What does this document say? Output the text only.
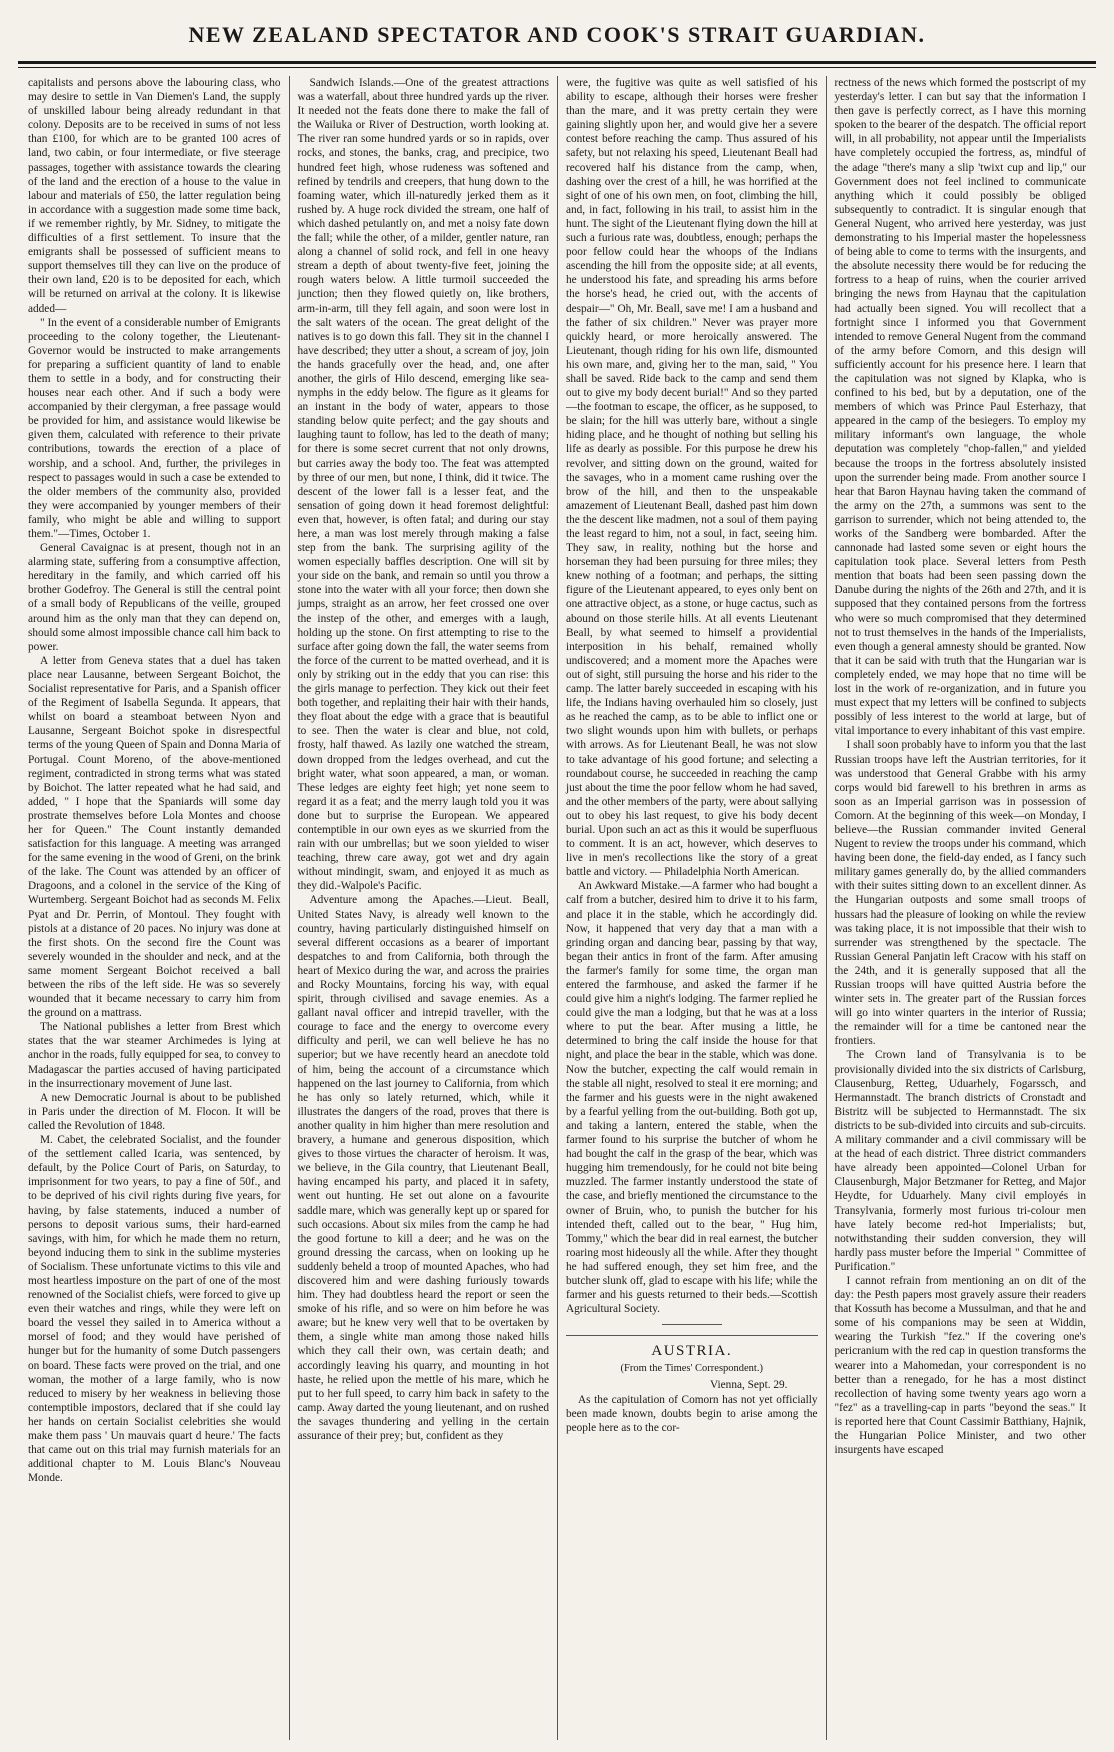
NEW ZEALAND SPECTATOR AND COOK'S STRAIT GUARDIAN.

capitalists and persons above the labouring class, who may desire to settle in Van Diemen's Land, the supply of unskilled labour being already redundant in that colony. Deposits are to be received in sums of not less than £100, for which are to be granted 100 acres of land, two cabin, or four intermediate, or five steerage passages, together with assistance towards the clearing of the land and the erection of a house to the value in labour and materials of £50, the latter regulation being in accordance with a suggestion made some time back, if we remember rightly, by Mr. Sidney, to mitigate the difficulties of a first settlement. To insure that the emigrants shall be possessed of sufficient means to support themselves till they can live on the produce of their own land, £20 is to be deposited for each, which will be returned on arrival at the colony. It is likewise added—

" In the event of a considerable number of Emigrants proceeding to the colony together, the Lieutenant-Governor would be instructed to make arrangements for preparing a sufficient quantity of land to enable them to settle in a body, and for constructing their houses near each other. And if such a body were accompanied by their clergyman, a free passage would be provided for him, and assistance would likewise be given them, calculated with reference to their private contributions, towards the erection of a place of worship, and a school. And, further, the privileges in respect to passages would in such a case be extended to the older members of the community also, provided they were accompanied by younger members of their family, who might be able and willing to support them."—Times, October 1.

General Cavaignac is at present, though not in an alarming state, suffering from a consumptive affection, hereditary in the family, and which carried off his brother Godefroy. The General is still the central point of a small body of Republicans of the veille, grouped around him as the only man that they can depend on, should some almost impossible chance call him back to power.

A letter from Geneva states that a duel has taken place near Lausanne, between Sergeant Boichot, the Socialist representative for Paris, and a Spanish officer of the Regiment of Isabella Segunda. It appears, that whilst on board a steamboat between Nyon and Lausanne, Sergeant Boichot spoke in disrespectful terms of the young Queen of Spain and Donna Maria of Portugal. Count Moreno, of the above-mentioned regiment, contradicted in strong terms what was stated by Boichot. The latter repeated what he had said, and added, " I hope that the Spaniards will some day prostrate themselves before Lola Montes and choose her for Queen." The Count instantly demanded satisfaction for this language. A meeting was arranged for the same evening in the wood of Greni, on the brink of the lake. The Count was attended by an officer of Dragoons, and a colonel in the service of the King of Wurtemberg. Sergeant Boichot had as seconds M. Felix Pyat and Dr. Perrin, of Montoul. They fought with pistols at a distance of 20 paces. No injury was done at the first shots. On the second fire the Count was severely wounded in the shoulder and neck, and at the same moment Sergeant Boichot received a ball between the ribs of the left side. He was so severely wounded that it became necessary to carry him from the ground on a mattrass.

The National publishes a letter from Brest which states that the war steamer Archimedes is lying at anchor in the roads, fully equipped for sea, to convey to Madagascar the parties accused of having participated in the insurrectionary movement of June last.

A new Democratic Journal is about to be published in Paris under the direction of M. Flocon. It will be called the Revolution of 1848.

M. Cabet, the celebrated Socialist, and the founder of the settlement called Icaria, was sentenced, by default, by the Police Court of Paris, on Saturday, to imprisonment for two years, to pay a fine of 50f., and to be deprived of his civil rights during five years, for having, by false statements, induced a number of persons to deposit various sums, their hard-earned savings, with him, for which he made them no return, beyond inducing them to sink in the sublime mysteries of Socialism. These unfortunate victims to this vile and most heartless imposture on the part of one of the most renowned of the Socialist chiefs, were forced to give up even their watches and rings, while they were left on board the vessel they sailed in to America without a morsel of food; and they would have perished of hunger but for the humanity of some Dutch passengers on board. These facts were proved on the trial, and one woman, the mother of a large family, who is now reduced to misery by her weakness in believing those contemptible impostors, declared that if she could lay her hands on certain Socialist celebrities she would make them pass ' Un mauvais quart d heure.' The facts that came out on this trial may furnish materials for an additional chapter to M. Louis Blanc's Nouveau Monde.

Sandwich Islands.—One of the greatest attractions was a waterfall, about three hundred yards up the river. It needed not the feats done there to make the fall of the Wailuka or River of Destruction, worth looking at. The river ran some hundred yards or so in rapids, over rocks, and stones, the banks, crag, and precipice, two hundred feet high, whose rudeness was softened and refined by tendrils and creepers, that hung down to the foaming water, which ill-naturedly jerked them as it rushed by. A huge rock divided the stream, one half of which dashed petulantly on, and met a noisy fate down the fall; while the other, of a milder, gentler nature, ran along a channel of solid rock, and fell in one heavy stream a depth of about twenty-five feet, joining the rough waters below. A little turmoil succeeded the junction; then they flowed quietly on, like brothers, arm-in-arm, till they fell again, and soon were lost in the salt waters of the ocean. The great delight of the natives is to go down this fall. They sit in the channel I have described; they utter a shout, a scream of joy, join the hands gracefully over the head, and, one after another, the girls of Hilo descend, emerging like sea-nymphs in the eddy below. The figure as it gleams for an instant in the body of water, appears to those standing below quite perfect; and the gay shouts and laughing taunt to follow, has led to the death of many; for there is some secret current that not only drowns, but carries away the body too. The feat was attempted by three of our men, but none, I think, did it twice. The descent of the lower fall is a lesser feat, and the sensation of going down it head foremost delightful: even that, however, is often fatal; and during our stay here, a man was lost merely through making a false step from the bank. The surprising agility of the women especially baffles description. One will sit by your side on the bank, and remain so until you throw a stone into the water with all your force; then down she jumps, straight as an arrow, her feet crossed one over the instep of the other, and emerges with a laugh, holding up the stone. On first attempting to rise to the surface after going down the fall, the water seems from the force of the current to be matted overhead, and it is only by striking out in the eddy that you can rise: this the girls manage to perfection. They kick out their feet both together, and replaiting their hair with their hands, they float about the edge with a grace that is beautiful to see. Then the water is clear and blue, not cold, frosty, half thawed. As lazily one watched the stream, down dropped from the ledges overhead, and cut the bright water, what soon appeared, a man, or woman. These ledges are eighty feet high; yet none seem to regard it as a feat; and the merry laugh told you it was done but to surprise the European. We appeared contemptible in our own eyes as we skurried from the rain with our umbrellas; but we soon yielded to wiser teaching, threw care away, got wet and dry again without mindingit, swam, and enjoyed it as much as they did.-Walpole's Pacific.

Adventure among the Apaches.—Lieut. Beall, United States Navy, is already well known to the country, having particularly distinguished himself on several different occasions as a bearer of important despatches to and from California, both through the heart of Mexico during the war, and across the prairies and Rocky Mountains, forcing his way, with equal spirit, through civilised and savage enemies. As a gallant naval officer and intrepid traveller, with the courage to face and the energy to overcome every difficulty and peril, we can well believe he has no superior; but we have recently heard an anecdote told of him, being the account of a circumstance which happened on the last journey to California, from which he has only so lately returned, which, while it illustrates the dangers of the road, proves that there is another quality in him higher than mere resolution and bravery, a humane and generous disposition, which gives to those virtues the character of heroism. It was, we believe, in the Gila country, that Lieutenant Beall, having encamped his party, and placed it in safety, went out hunting. He set out alone on a favourite saddle mare, which was generally kept up or spared for such occasions. About six miles from the camp he had the good fortune to kill a deer; and he was on the ground dressing the carcass, when on looking up he suddenly beheld a troop of mounted Apaches, who had discovered him and were dashing furiously towards him. They had doubtless heard the report or seen the smoke of his rifle, and so were on him before he was aware; but he knew very well that to be overtaken by them, a single white man among those naked hills which they call their own, was certain death; and accordingly leaving his quarry, and mounting in hot haste, he relied upon the mettle of his mare, which he put to her full speed, to carry him back in safety to the camp. Away darted the young lieutenant, and on rushed the savages thundering and yelling in the certain assurance of their prey; but, confident as they

were, the fugitive was quite as well satisfied of his ability to escape, although their horses were fresher than the mare, and it was pretty certain they were gaining slightly upon her, and would give her a severe contest before reaching the camp. Thus assured of his safety, but not relaxing his speed, Lieutenant Beall had recovered half his distance from the camp, when, dashing over the crest of a hill, he was horrified at the sight of one of his own men, on foot, climbing the hill, and, in fact, following in his trail, to assist him in the hunt. The sight of the Lieutenant flying down the hill at such a furious rate was, doubtless, enough; perhaps the poor fellow could hear the whoops of the Indians ascending the hill from the opposite side; at all events, he understood his fate, and spreading his arms before the horse's head, he cried out, with the accents of despair—" Oh, Mr. Beall, save me! I am a husband and the father of six children." Never was prayer more quickly heard, or more heroically answered. The Lieutenant, though riding for his own life, dismounted his own mare, and, giving her to the man, said, " You shall be saved. Ride back to the camp and send them out to give my body decent burial!" And so they parted—the footman to escape, the officer, as he supposed, to be slain; for the hill was utterly bare, without a single hiding place, and he thought of nothing but selling his life as dearly as possible. For this purpose he drew his revolver, and sitting down on the ground, waited for the savages, who in a moment came rushing over the brow of the hill, and then to the unspeakable amazement of Lieutenant Beall, dashed past him down the the descent like madmen, not a soul of them paying the least regard to him, not a soul, in fact, seeing him. They saw, in reality, nothing but the horse and horseman they had been pursuing for three miles; they knew nothing of a footman; and perhaps, the sitting figure of the Lieutenant appeared, to eyes only bent on one attractive object, as a stone, or huge cactus, such as abound on those sterile hills. At all events Lieutenant Beall, by what seemed to himself a providential interposition in his behalf, remained wholly undiscovered; and a moment more the Apaches were out of sight, still pursuing the horse and his rider to the camp. The latter barely succeeded in escaping with his life, the Indians having overhauled him so closely, just as he reached the camp, as to be able to inflict one or two slight wounds upon him with bullets, or perhaps with arrows. As for Lieutenant Beall, he was not slow to take advantage of his good fortune; and selecting a roundabout course, he succeeded in reaching the camp just about the time the poor fellow whom he had saved, and the other members of the party, were about sallying out to obey his last request, to give his body decent burial. Upon such an act as this it would be superfluous to comment. It is an act, however, which deserves to live in men's recollections like the story of a great battle and victory. — Philadelphia North American.

An Awkward Mistake.—A farmer who had bought a calf from a butcher, desired him to drive it to his farm, and place it in the stable, which he accordingly did. Now, it happened that very day that a man with a grinding organ and dancing bear, passing by that way, began their antics in front of the farm. After amusing the farmer's family for some time, the organ man entered the farmhouse, and asked the farmer if he could give him a night's lodging. The farmer replied he could give the man a lodging, but that he was at a loss where to put the bear. After musing a little, he determined to bring the calf inside the house for that night, and place the bear in the stable, which was done. Now the butcher, expecting the calf would remain in the stable all night, resolved to steal it ere morning; and the farmer and his guests were in the night awakened by a fearful yelling from the out-building. Both got up, and taking a lantern, entered the stable, when the farmer found to his surprise the butcher of whom he had bought the calf in the grasp of the bear, which was hugging him tremendously, for he could not bite being muzzled. The farmer instantly understood the state of the case, and briefly mentioned the circumstance to the owner of Bruin, who, to punish the butcher for his intended theft, called out to the bear, " Hug him, Tommy," which the bear did in real earnest, the butcher roaring most hideously all the while. After they thought he had suffered enough, they set him free, and the butcher slunk off, glad to escape with his life; while the farmer and his guests returned to their beds.—Scottish Agricultural Society.

AUSTRIA.
(From the Times' Correspondent.)
Vienna, Sept. 29.

As the capitulation of Comorn has not yet officially been made known, doubts begin to arise among the people here as to the cor-

rectness of the news which formed the postscript of my yesterday's letter. I can but say that the information I then gave is perfectly correct, as I have this morning spoken to the bearer of the despatch. The official report will, in all probability, not appear until the Imperialists have completely occupied the fortress, as, mindful of the adage "there's many a slip 'twixt cup and lip," our Government does not feel inclined to communicate anything which it could possibly be obliged subsequently to contradict. It is singular enough that General Nugent, who arrived here yesterday, was just demonstrating to his Imperial master the hopelessness of being able to come to terms with the insurgents, and the absolute necessity there would be for reducing the fortress to a heap of ruins, when the courier arrived bringing the news from Haynau that the capitulation had actually been signed. You will recollect that a fortnight since I informed you that Government intended to remove General Nugent from the command of the army before Comorn, and this design will sufficiently account for his presence here. I learn that the capitulation was not signed by Klapka, who is confined to his bed, but by a deputation, one of the members of which was Prince Paul Esterhazy, that appeared in the camp of the besiegers. To employ my military informant's own language, the whole deputation was completely "chop-fallen," and yielded because the troops in the fortress absolutely insisted upon the surrender being made. From another source I hear that Baron Haynau having taken the command of the army on the 27th, a summons was sent to the garrison to surrender, which not being attended to, the works of the Sandberg were bombarded. After the cannonade had lasted some seven or eight hours the capitulation took place. Several letters from Pesth mention that boats had been seen passing down the Danube during the nights of the 26th and 27th, and it is supposed that they contained persons from the fortress who were so much compromised that they determined not to trust themselves in the hands of the Imperialists, even though a general amnesty should be granted. Now that it can be said with truth that the Hungarian war is completely ended, we may hope that no time will be lost in the work of re-organization, and in future you must expect that my letters will be confined to subjects possibly of less interest to the world at large, but of vital importance to every inhabitant of this vast empire.

I shall soon probably have to inform you that the last Russian troops have left the Austrian territories, for it was understood that General Grabbe with his army corps would bid farewell to his brethren in arms as soon as an Imperial garrison was in possession of Comorn. At the beginning of this week—on Monday, I believe—the Russian commander invited General Nugent to review the troops under his command, which having been done, the field-day ended, as I fancy such military games generally do, by the allied commanders with their suites sitting down to an excellent dinner. As the Hungarian outposts and some small troops of hussars had the pleasure of looking on while the review was taking place, it is not impossible that their wish to surrender was strengthened by the spectacle. The Russian General Panjatin left Cracow with his staff on the 24th, and it is generally supposed that all the Russian troops will have quitted Austria before the winter sets in. The greater part of the Russian forces will go into winter quarters in the interior of Russia; the remainder will for a time be cantoned near the frontiers.

The Crown land of Transylvania is to be provisionally divided into the six districts of Carlsburg, Clausenburg, Retteg, Uduarhely, Fogarssch, and Hermannstadt. The branch districts of Cronstadt and Bistritz will be subjected to Hermannstadt. The six districts to be sub-divided into circuits and sub-circuits. A military commander and a civil commissary will be at the head of each district. Three district commanders have already been appointed—Colonel Urban for Clausenburgh, Major Betzmaner for Retteg, and Major Heydte, for Uduarhely. Many civil employés in Transylvania, formerly most furious tri-colour men have lately become red-hot Imperialists; but, notwithstanding their sudden conversion, they will hardly pass muster before the Imperial " Committee of Purification."

I cannot refrain from mentioning an on dit of the day: the Pesth papers most gravely assure their readers that Kossuth has become a Mussulman, and that he and some of his companions may be seen at Widdin, wearing the Turkish "fez." If the covering one's pericranium with the red cap in question transforms the wearer into a Mahomedan, your correspondent is no better than a renegado, for he has a most distinct recollection of having some twenty years ago worn a "fez" as a travelling-cap in parts "beyond the seas." It is reported here that Count Cassimir Batthiany, Hajnik, the Hungarian Police Minister, and two other insurgents have escaped
